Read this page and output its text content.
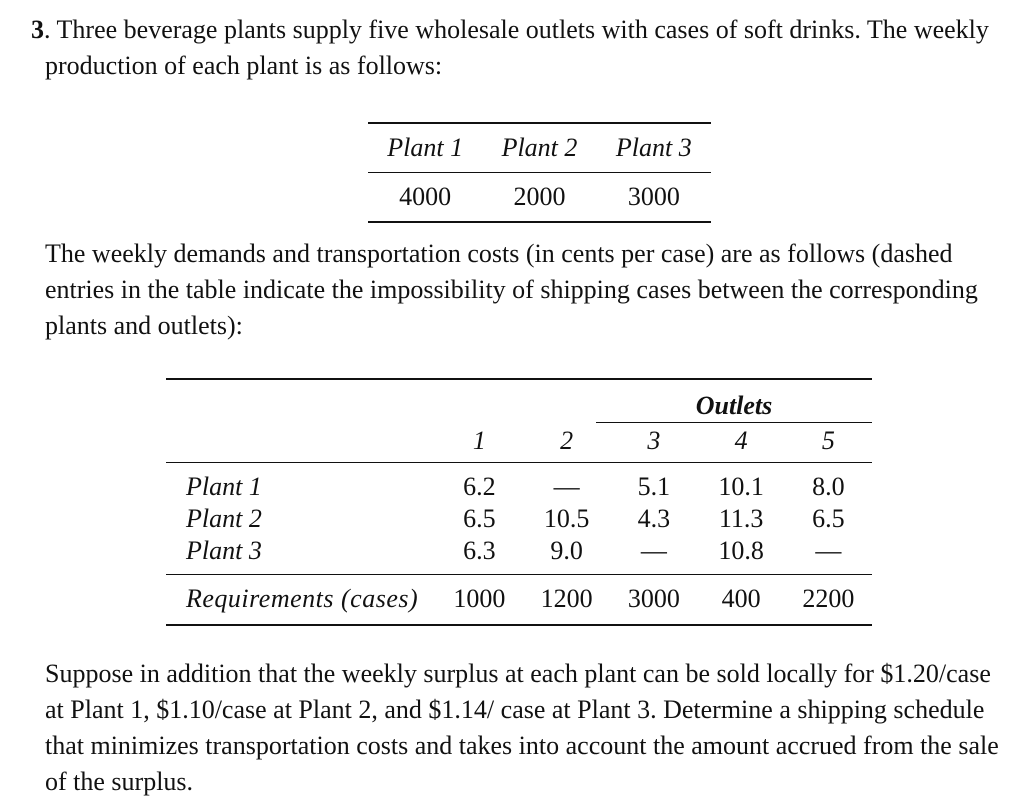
3. Three beverage plants supply five wholesale outlets with cases of soft drinks. The weekly production of each plant is as follows:

Plant 1	Plant 2	Plant 3
4000	2000	3000

The weekly demands and transportation costs (in cents per case) are as follows (dashed entries in the table indicate the impossibility of shipping cases between the corresponding plants and outlets):

Outlets
1	2	3	4	5
Plant 1	6.2	—	5.1	10.1	8.0
Plant 2	6.5	10.5	4.3	11.3	6.5
Plant 3	6.3	9.0	—	10.8	—
Requirements (cases)	1000	1200	3000	400	2200

Suppose in addition that the weekly surplus at each plant can be sold locally for $1.20/case at Plant 1, $1.10/case at Plant 2, and $1.14/ case at Plant 3. Determine a shipping schedule that minimizes transportation costs and takes into account the amount accrued from the sale of the surplus.
